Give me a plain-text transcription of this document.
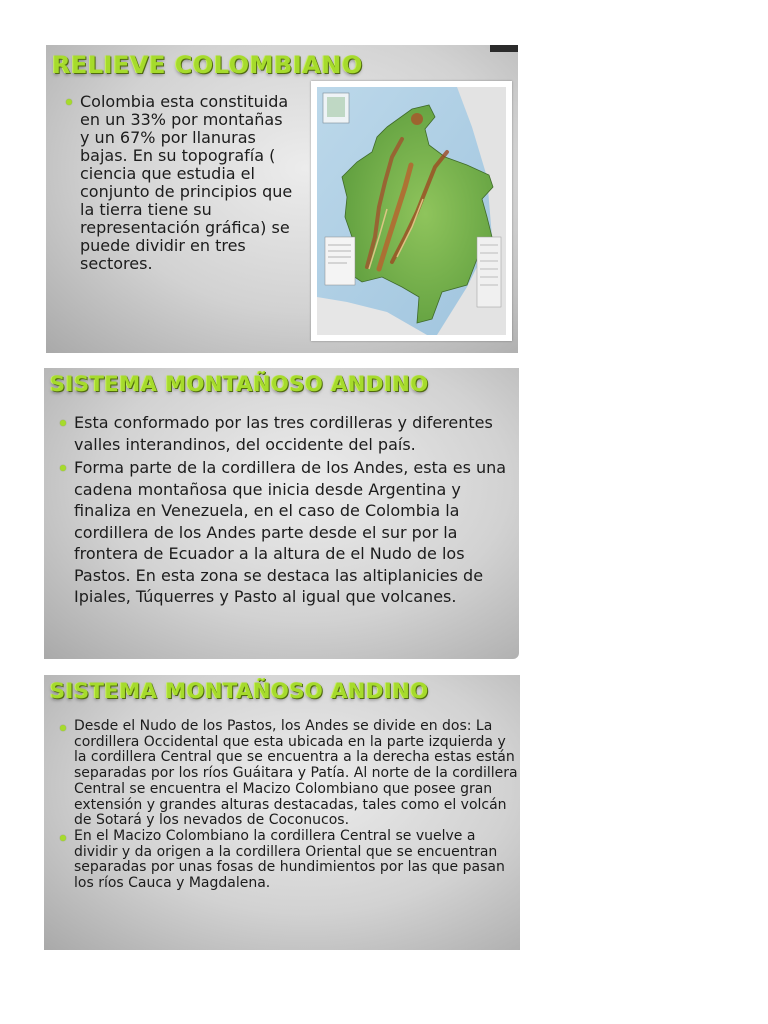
RELIEVE COLOMBIANO
Colombia esta constituida en un 33% por montañas y un 67% por llanuras bajas. En su topografía ( ciencia que estudia el conjunto de principios que la tierra tiene su representación gráfica) se puede dividir en tres sectores.
SISTEMA MONTAÑOSO ANDINO
Esta conformado por las tres cordilleras y diferentes valles interandinos, del occidente del país.
Forma parte de la cordillera de los Andes, esta es una cadena montañosa que inicia desde Argentina y finaliza en Venezuela, en el caso de Colombia la cordillera de los Andes parte desde el sur por la frontera de Ecuador a la altura de el Nudo de los Pastos. En esta zona se destaca las altiplanicies de Ipiales, Túquerres y Pasto al igual que volcanes.
SISTEMA MONTAÑOSO ANDINO
Desde el Nudo de los Pastos, los Andes se divide en dos: La cordillera Occidental que esta ubicada en la parte izquierda y la cordillera Central que se encuentra a la derecha estas están separadas por los ríos Guáitara y Patía. Al norte de la cordillera Central se encuentra el Macizo Colombiano que posee gran extensión y grandes alturas destacadas, tales como el volcán de Sotará y los nevados de Coconucos.
En el Macizo Colombiano la cordillera Central se vuelve a dividir y da origen a la cordillera Oriental que se encuentran separadas por unas fosas de hundimientos por las que pasan los ríos Cauca y Magdalena.
